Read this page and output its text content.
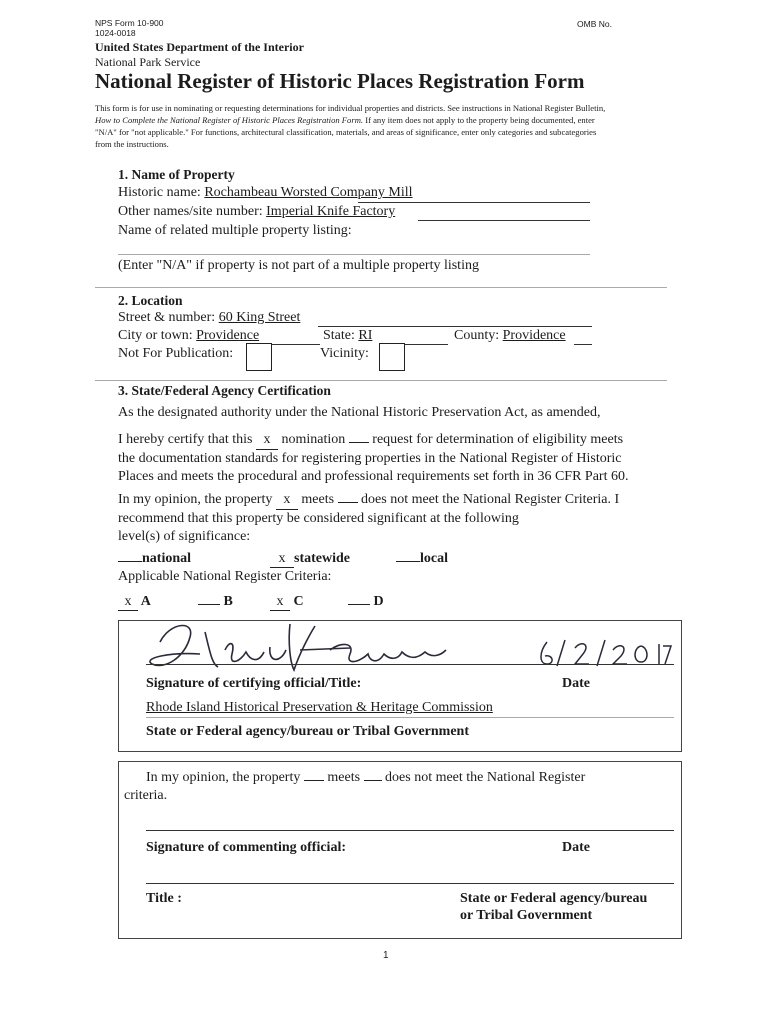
NPS Form 10-900
1024-0018
OMB No.
United States Department of the Interior
National Park Service
National Register of Historic Places Registration Form
This form is for use in nominating or requesting determinations for individual properties and districts. See instructions in National Register Bulletin,
How to Complete the National Register of Historic Places Registration Form. If any item does not apply to the property being documented, enter
"N/A" for "not applicable." For functions, architectural classification, materials, and areas of significance, enter only categories and subcategories
from the instructions.
1. Name of Property
Historic name: Rochambeau Worsted Company Mill
Other names/site number: Imperial Knife Factory
Name of related multiple property listing:
(Enter "N/A" if property is not part of a multiple property listing
2. Location
Street & number: 60 King Street
City or town: Providence	State: RI	County: Providence
Not For Publication:	Vicinity:
3. State/Federal Agency Certification
As the designated authority under the National Historic Preservation Act, as amended,
I hereby certify that this x nomination request for determination of eligibility meets
the documentation standards for registering properties in the National Register of Historic
Places and meets the procedural and professional requirements set forth in 36 CFR Part 60.
In my opinion, the property x meets does not meet the National Register Criteria. I
recommend that this property be considered significant at the following
level(s) of significance:
national	x statewide	local
Applicable National Register Criteria:
x A	B	x C	D
Signature of certifying official/Title:	Date
Rhode Island Historical Preservation & Heritage Commission
State or Federal agency/bureau or Tribal Government
In my opinion, the property meets does not meet the National Register
criteria.
Signature of commenting official:	Date
Title :	State or Federal agency/bureau
or Tribal Government
1
